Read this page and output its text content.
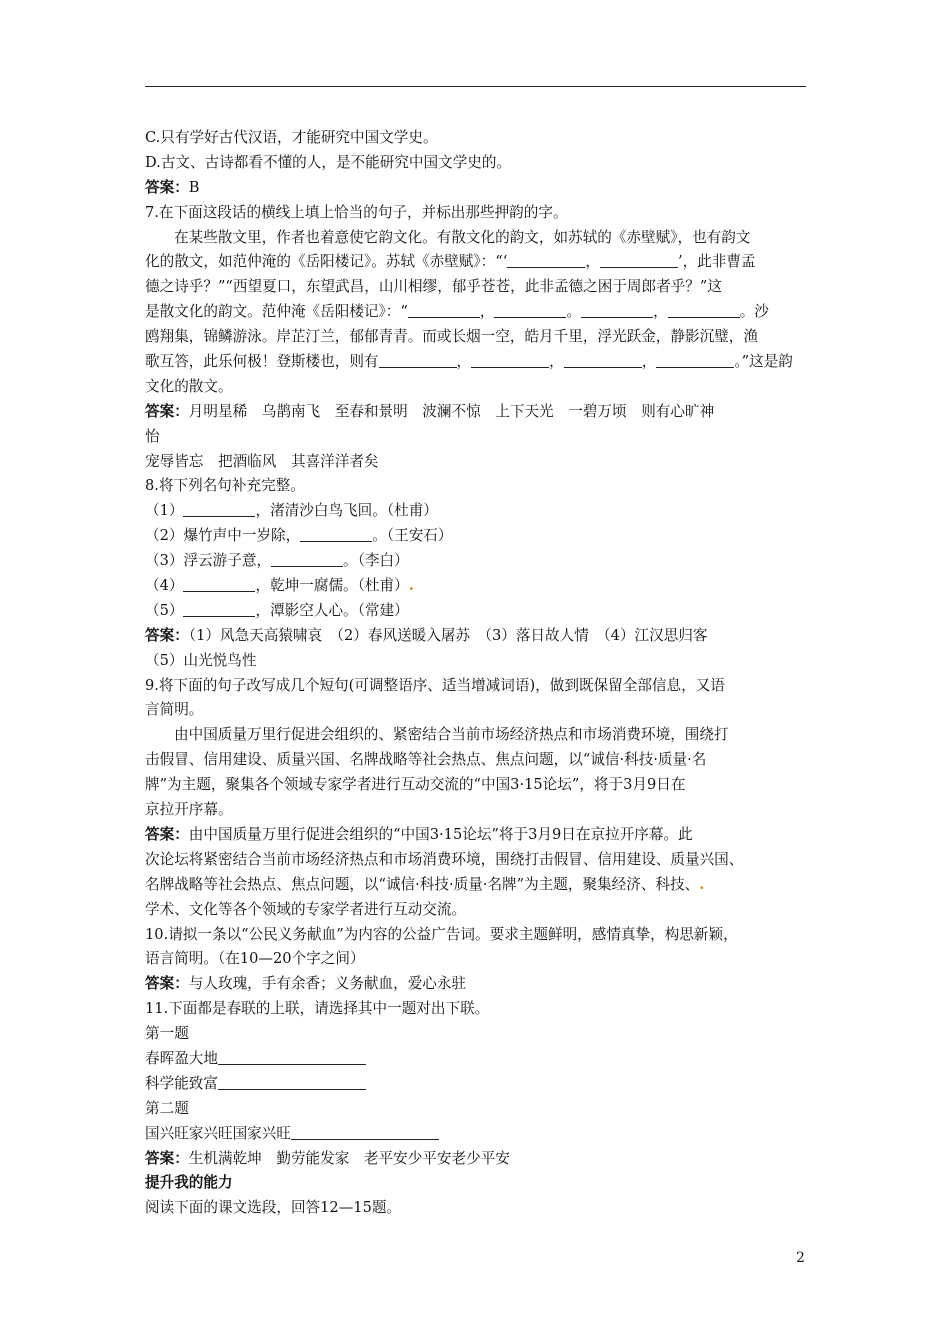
C.只有学好古代汉语，才能研究中国文学史。
D.古文、古诗都看不懂的人，是不能研究中国文学史的。
答案：B
7.在下面这段话的横线上填上恰当的句子，并标出那些押韵的字。
在某些散文里，作者也着意使它韵文化。有散文化的韵文，如苏轼的《赤壁赋》，也有韵文
化的散文，如范仲淹的《岳阳楼记》。苏轼《赤壁赋》：“‘	，	’，此非曹孟
德之诗乎？”“西望夏口，东望武昌，山川相缪，郁乎苍苍，此非孟德之困于周郎者乎？”这
是散文化的韵文。范仲淹《岳阳楼记》：“	，	。	，	。沙
鸥翔集，锦鳞游泳。岸芷汀兰，郁郁青青。而或长烟一空，皓月千里，浮光跃金，静影沉璧，渔
歌互答，此乐何极！登斯楼也，则有	，	，	，	。”这是韵
文化的散文。
答案：月明星稀　乌鹊南飞　至春和景明　波澜不惊　上下天光　一碧万顷　则有心旷神
怡
宠辱皆忘　把酒临风　其喜洋洋者矣
8.将下列名句补充完整。
（1）	，渚清沙白鸟飞回。（杜甫）
（2）爆竹声中一岁除，	。（王安石）
（3）浮云游子意，	。（李白）
（4）	，乾坤一腐儒。（杜甫）.
（5）	，潭影空人心。（常建）
答案：（1）风急天高猿啸哀　（2）春风送暖入屠苏　（3）落日故人情　（4）江汉思归客
（5）山光悦鸟性
9.将下面的句子改写成几个短句(可调整语序、适当增减词语)，做到既保留全部信息，又语
言简明。
由中国质量万里行促进会组织的、紧密结合当前市场经济热点和市场消费环境，围绕打
击假冒、信用建设、质量兴国、名牌战略等社会热点、焦点问题，以“诚信·科技·质量·名
牌”为主题，聚集各个领域专家学者进行互动交流的“中国3·15论坛”，将于3月9日在
京拉开序幕。
答案：由中国质量万里行促进会组织的“中国3·15论坛”将于3月9日在京拉开序幕。此
次论坛将紧密结合当前市场经济热点和市场消费环境，围绕打击假冒、信用建设、质量兴国、
名牌战略等社会热点、焦点问题，以“诚信·科技·质量·名牌”为主题，聚集经济、科技、.
学术、文化等各个领域的专家学者进行互动交流。
10.请拟一条以“公民义务献血”为内容的公益广告词。要求主题鲜明，感情真挚，构思新颖，
语言简明。（在10—20个字之间）
答案：与人玫瑰，手有余香；义务献血，爱心永驻
11.下面都是春联的上联，请选择其中一题对出下联。
第一题
春晖盈大地
科学能致富
第二题
国兴旺家兴旺国家兴旺
答案：生机满乾坤　勤劳能发家　老平安少平安老少平安
提升我的能力
阅读下面的课文选段，回答12—15题。
2
